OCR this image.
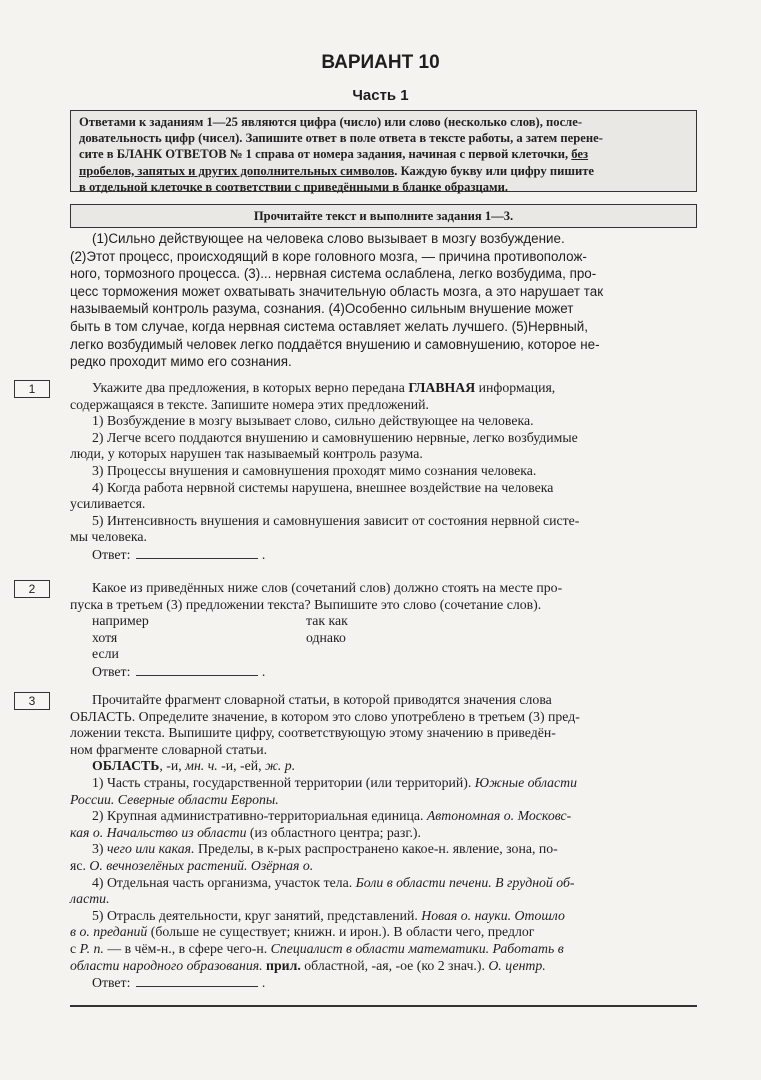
ВАРИАНТ 10
Часть 1

Ответами к заданиям 1—25 являются цифра (число) или слово (несколько слов), после-

довательность цифр (чисел). Запишите ответ в поле ответа в тексте работы, а затем перене-

сите в БЛАНК ОТВЕТОВ № 1 справа от номера задания, начиная с первой клеточки, без

пробелов, запятых и других дополнительных символов. Каждую букву или цифру пишите

в отдельной клеточке в соответствии с приведёнными в бланке образцами.

Прочитайте текст и выполните задания 1—3.
(1)Сильно действующее на человека слово вызывает в мозгу возбуждение.
(2)Этот процесс, происходящий в коре головного мозга, — причина противополож-
ного, тормозного процесса. (3)... нервная система ослаблена, легко возбудима, про-
цесс торможения может охватывать значительную область мозга, а это нарушает так
называемый контроль разума, сознания. (4)Особенно сильным внушение может
быть в том случае, когда нервная система оставляет желать лучшего. (5)Нервный,
легко возбудимый человек легко поддаётся внушению и самовнушению, которое не-
редко проходит мимо его сознания.
1	Укажите два предложения, в которых верно передана ГЛАВНАЯ информация,
содержащаяся в тексте. Запишите номера этих предложений.
1) Возбуждение в мозгу вызывает слово, сильно действующее на человека.
2) Легче всего поддаются внушению и самовнушению нервные, легко возбудимые
люди, у которых нарушен так называемый контроль разума.
3) Процессы внушения и самовнушения проходят мимо сознания человека.
4) Когда работа нервной системы нарушена, внешнее воздействие на человека
усиливается.
5) Интенсивность внушения и самовнушения зависит от состояния нервной систе-
мы человека.
Ответ:	.
2	Какое из приведённых ниже слов (сочетаний слов) должно стоять на месте про-
пуска в третьем (3) предложении текста? Выпишите это слово (сочетание слов).
например	так как
хотя	однако
если
Ответ:	.
3	Прочитайте фрагмент словарной статьи, в которой приводятся значения слова
ОБЛАСТЬ. Определите значение, в котором это слово употреблено в третьем (3) пред-
ложении текста. Выпишите цифру, соответствующую этому значению в приведён-
ном фрагменте словарной статьи.
ОБЛАСТЬ, -и, мн. ч. -и, -ей, ж. р.
1) Часть страны, государственной территории (или территорий). Южные области
России. Северные области Европы.
2) Крупная административно-территориальная единица. Автономная о. Московс-
кая о. Начальство из области (из областного центра; разг.).
3) чего или какая. Пределы, в к-рых распространено какое-н. явление, зона, по-
яс. О. вечнозелёных растений. Озёрная о.
4) Отдельная часть организма, участок тела. Боли в области печени. В грудной об-
ласти.
5) Отрасль деятельности, круг занятий, представлений. Новая о. науки. Отошло
в о. преданий (больше не существует; книжн. и ирон.). В области чего, предлог
с Р. п. — в чём-н., в сфере чего-н. Специалист в области математики. Работать в
области народного образования. прил. областной, -ая, -ое (ко 2 знач.). О. центр.
Ответ:	.
